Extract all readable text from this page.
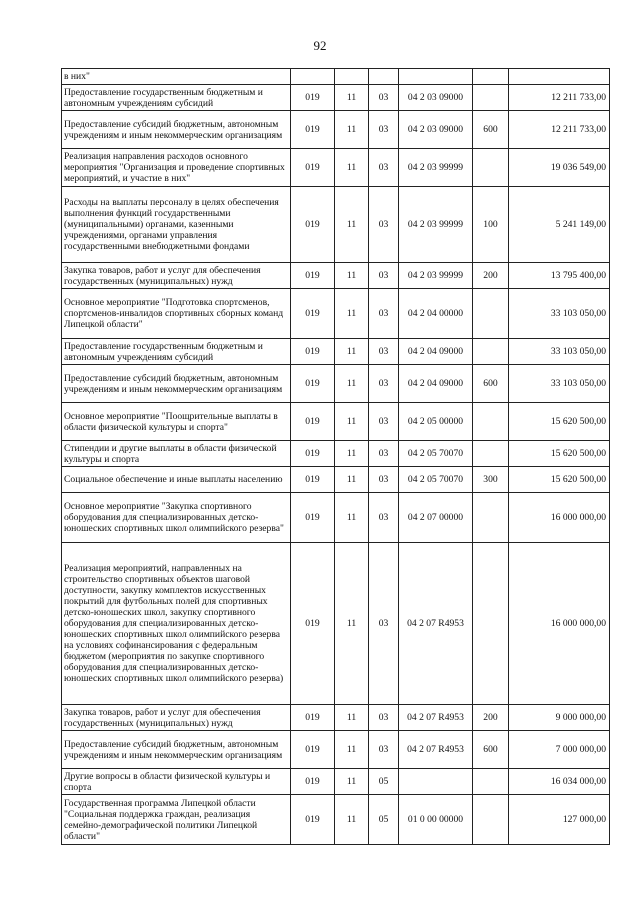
92
в них"						
Предоставление государственным бюджетным и автономным учреждениям субсидий	019	11	03	04 2 03 09000		12 211 733,00
Предоставление субсидий бюджетным, автономным учреждениям и иным некоммерческим организациям	019	11	03	04 2 03 09000	600	12 211 733,00
Реализация направления расходов основного мероприятия "Организация и проведение спортивных мероприятий, и участие в них"	019	11	03	04 2 03 99999		19 036 549,00
Расходы на выплаты персоналу в целях обеспечения выполнения функций государственными (муниципальными) органами, казенными учреждениями, органами управления государственными внебюджетными фондами	019	11	03	04 2 03 99999	100	5 241 149,00
Закупка товаров, работ и услуг для обеспечения государственных (муниципальных) нужд	019	11	03	04 2 03 99999	200	13 795 400,00
Основное мероприятие "Подготовка спортсменов, спортсменов-инвалидов спортивных сборных команд Липецкой области"	019	11	03	04 2 04 00000		33 103 050,00
Предоставление государственным бюджетным и автономным учреждениям субсидий	019	11	03	04 2 04 09000		33 103 050,00
Предоставление субсидий бюджетным, автономным учреждениям и иным некоммерческим организациям	019	11	03	04 2 04 09000	600	33 103 050,00
Основное мероприятие "Поощрительные выплаты в области физической культуры и спорта"	019	11	03	04 2 05 00000		15 620 500,00
Стипендии и другие выплаты в области физической культуры и спорта	019	11	03	04 2 05 70070		15 620 500,00
Социальное обеспечение и иные выплаты населению	019	11	03	04 2 05 70070	300	15 620 500,00
Основное мероприятие "Закупка спортивного оборудования для специализированных детско-юношеских спортивных школ олимпийского резерва"	019	11	03	04 2 07 00000		16 000 000,00
Реализация мероприятий, направленных на строительство спортивных объектов шаговой доступности, закупку комплектов искусственных покрытий для футбольных полей для спортивных детско-юношеских школ, закупку спортивного оборудования для специализированных детско-юношеских спортивных школ олимпийского резерва на условиях софинансирования с федеральным бюджетом (мероприятия по закупке спортивного оборудования для специализированных детско-юношеских спортивных школ олимпийского резерва)	019	11	03	04 2 07 R4953		16 000 000,00
Закупка товаров, работ и услуг для обеспечения государственных (муниципальных) нужд	019	11	03	04 2 07 R4953	200	9 000 000,00
Предоставление субсидий бюджетным, автономным учреждениям и иным некоммерческим организациям	019	11	03	04 2 07 R4953	600	7 000 000,00
Другие вопросы в области физической культуры и спорта	019	11	05			16 034 000,00
Государственная программа Липецкой области "Социальная поддержка граждан, реализация семейно-демографической политики Липецкой области"	019	11	05	01 0 00 00000		127 000,00
